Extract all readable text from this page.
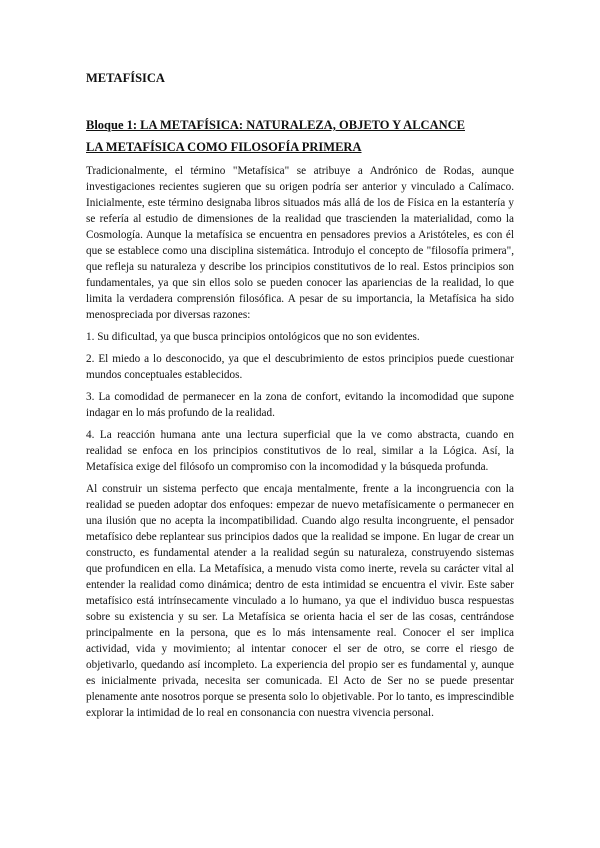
METAFÍSICA
Bloque 1: LA METAFÍSICA: NATURALEZA, OBJETO Y ALCANCE
LA METAFÍSICA COMO FILOSOFÍA PRIMERA

Tradicionalmente, el término "Metafísica" se atribuye a Andrónico de Rodas, aunque investigaciones recientes sugieren que su origen podría ser anterior y vinculado a Calímaco. Inicialmente, este término designaba libros situados más allá de los de Física en la estantería y se refería al estudio de dimensiones de la realidad que trascienden la materialidad, como la Cosmología. Aunque la metafísica se encuentra en pensadores previos a Aristóteles, es con él que se establece como una disciplina sistemática. Introdujo el concepto de "filosofía primera", que refleja su naturaleza y describe los principios constitutivos de lo real. Estos principios son fundamentales, ya que sin ellos solo se pueden conocer las apariencias de la realidad, lo que limita la verdadera comprensión filosófica. A pesar de su importancia, la Metafísica ha sido menospreciada por diversas razones:

1. Su dificultad, ya que busca principios ontológicos que no son evidentes.

2. El miedo a lo desconocido, ya que el descubrimiento de estos principios puede cuestionar mundos conceptuales establecidos.

3. La comodidad de permanecer en la zona de confort, evitando la incomodidad que supone indagar en lo más profundo de la realidad.

4. La reacción humana ante una lectura superficial que la ve como abstracta, cuando en realidad se enfoca en los principios constitutivos de lo real, similar a la Lógica. Así, la Metafísica exige del filósofo un compromiso con la incomodidad y la búsqueda profunda.

Al construir un sistema perfecto que encaja mentalmente, frente a la incongruencia con la realidad se pueden adoptar dos enfoques: empezar de nuevo metafísicamente o permanecer en una ilusión que no acepta la incompatibilidad. Cuando algo resulta incongruente, el pensador metafísico debe replantear sus principios dados que la realidad se impone. En lugar de crear un constructo, es fundamental atender a la realidad según su naturaleza, construyendo sistemas que profundicen en ella. La Metafísica, a menudo vista como inerte, revela su carácter vital al entender la realidad como dinámica; dentro de esta intimidad se encuentra el vivir. Este saber metafísico está intrínsecamente vinculado a lo humano, ya que el individuo busca respuestas sobre su existencia y su ser. La Metafísica se orienta hacia el ser de las cosas, centrándose principalmente en la persona, que es lo más intensamente real. Conocer el ser implica actividad, vida y movimiento; al intentar conocer el ser de otro, se corre el riesgo de objetivarlo, quedando así incompleto. La experiencia del propio ser es fundamental y, aunque es inicialmente privada, necesita ser comunicada. El Acto de Ser no se puede presentar plenamente ante nosotros porque se presenta solo lo objetivable. Por lo tanto, es imprescindible explorar la intimidad de lo real en consonancia con nuestra vivencia personal.
